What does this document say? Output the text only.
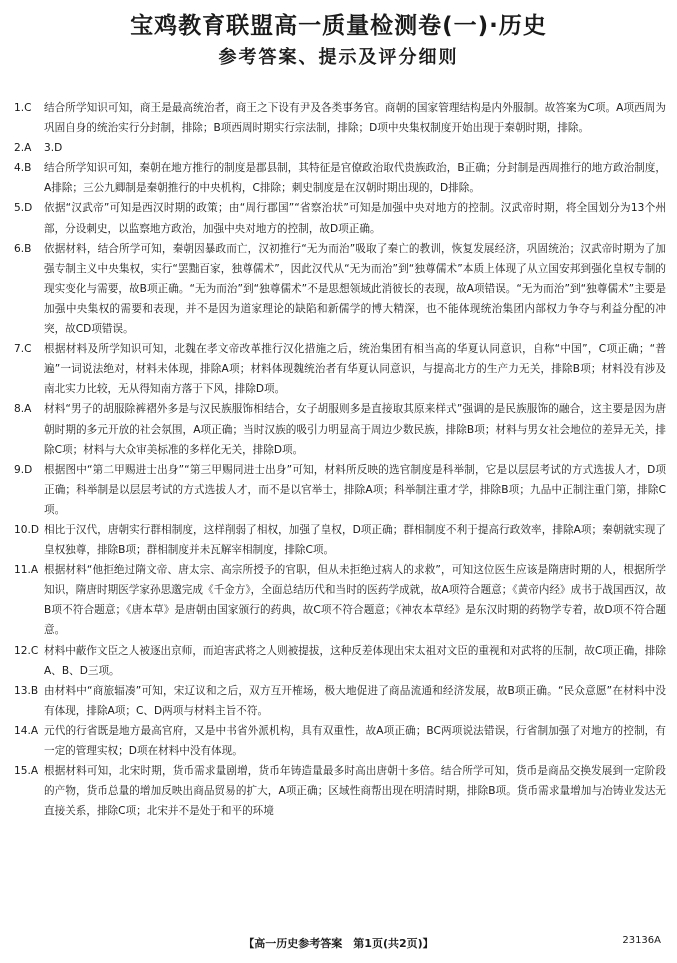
宝鸡教育联盟高一质量检测卷(一)·历史
参考答案、提示及评分细则
1.C	结合所学知识可知，商王是最高统治者，商王之下设有尹及各类事务官。商朝的国家管理结构是内外服制。故答案为C项。A项西周为巩固自身的统治实行分封制，排除；B项西周时期实行宗法制，排除；D项中央集权制度开始出现于秦朝时期，排除。
2.A	3.D
4.B	结合所学知识可知，秦朝在地方推行的制度是郡县制，其特征是官僚政治取代贵族政治，B正确；分封制是西周推行的地方政治制度，A排除；三公九卿制是秦朝推行的中央机构，C排除；刺史制度是在汉朝时期出现的，D排除。
5.D	依据“汉武帝”可知是西汉时期的政策；由“周行郡国”“省察治状”可知是加强中央对地方的控制。汉武帝时期，将全国划分为13个州部，分设刺史，以监察地方政治，加强中央对地方的控制，故D项正确。
6.B	依据材料，结合所学可知，秦朝因暴政而亡，汉初推行“无为而治”吸取了秦亡的教训，恢复发展经济，巩固统治；汉武帝时期为了加强专制主义中央集权，实行“罢黜百家，独尊儒术”，因此汉代从“无为而治”到“独尊儒术”本质上体现了从立国安邦到强化皇权专制的现实变化与需要，故B项正确。“无为而治”到“独尊儒术”不是思想领域此消彼长的表现，故A项错误。“无为而治”到“独尊儒术”主要是加强中央集权的需要和表现，并不是因为道家理论的缺陷和新儒学的博大精深，也不能体现统治集团内部权力争夺与利益分配的冲突，故CD项错误。
7.C	根据材料及所学知识可知，北魏在孝文帝改革推行汉化措施之后，统治集团有相当高的华夏认同意识，自称“中国”，C项正确；“普遍”一词说法绝对，材料未体现，排除A项；材料体现魏统治者有华夏认同意识，与提高北方的生产力无关，排除B项；材料没有涉及南北实力比较，无从得知南方落于下风，排除D项。
8.A	材料“男子的胡服除裤褶外多是与汉民族服饰相结合，女子胡服则多是直接取其原来样式”强调的是民族服饰的融合，这主要是因为唐朝时期的多元开放的社会氛围，A项正确；当时汉族的吸引力明显高于周边少数民族，排除B项；材料与男女社会地位的差异无关，排除C项；材料与大众审美标准的多样化无关，排除D项。
9.D	根据图中“第二甲赐进士出身”“第三甲赐同进士出身”可知，材料所反映的选官制度是科举制，它是以层层考试的方式选拔人才，D项正确；科举制是以层层考试的方式选拔人才，而不是以官举士，排除A项；科举制注重才学，排除B项；九品中正制注重门第，排除C项。
10.D 相比于汉代，唐朝实行群相制度，这样削弱了相权，加强了皇权，D项正确；群相制度不利于提高行政效率，排除A项；秦朝就实现了皇权独尊，排除B项；群相制度并未瓦解宰相制度，排除C项。
11.A 根据材料“他拒绝过隋文帝、唐太宗、高宗所授予的官职，但从未拒绝过病人的求救”，可知这位医生应该是隋唐时期的人，根据所学知识，隋唐时期医学家孙思邈完成《千金方》，全面总结历代和当时的医药学成就，故A项符合题意；《黄帝内经》成书于战国西汉，故B项不符合题意；《唐本草》是唐朝由国家颁行的药典，故C项不符合题意；《神农本草经》是东汉时期的药物学专着，故D项不符合题意。
12.C 材料中蔽作文臣之人被逐出京师，而迫害武将之人则被提拔，这种反差体现出宋太祖对文臣的重视和对武将的压制，故C项正确，排除A、B、D三项。
13.B 由材料中“商旅辐凑”可知，宋辽议和之后，双方互开榷场，极大地促进了商品流通和经济发展，故B项正确。“民众意愿”在材料中没有体现，排除A项；C、D两项与材料主旨不符。
14.A 元代的行省既是地方最高官府，又是中书省外派机构，具有双重性，故A项正确；BC两项说法错误，行省制加强了对地方的控制，有一定的管理实权；D项在材料中没有体现。
15.A 根据材料可知，北宋时期，货币需求量剧增，货币年铸造量最多时高出唐朝十多倍。结合所学可知，货币是商品交换发展到一定阶段的产物，货币总量的增加反映出商品贸易的扩大，A项正确；区域性商帮出现在明清时期，排除B项。货币需求量增加与冶铸业发达无直接关系，排除C项；北宋并不是处于和平的环境
【高一历史参考答案　第1页(共2页)】	23136A
